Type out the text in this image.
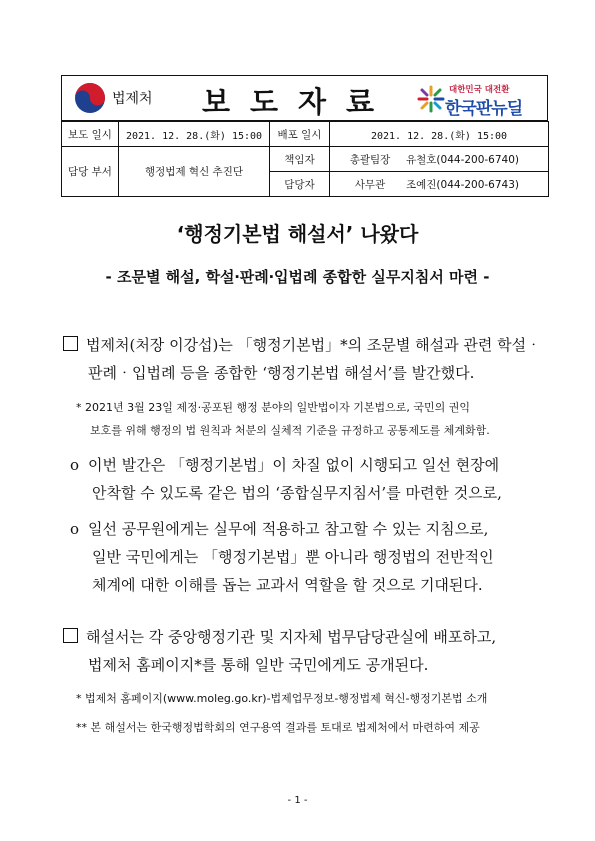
법제처 보도자료	대한민국 대전환
한국판뉴딜
보도 일시	2021. 12. 28.(화) 15:00	배포 일시	2021. 12. 28.(화) 15:00
담당 부서	행정법제 혁신 추진단	책임자	총괄팀장 유철호(044-200-6740)
		담당자	사무관 조예진(044-200-6743)
‘행정기본법 해설서’ 나왔다
- 조문별 해설, 학설‧판례‧입법례 종합한 실무지침서 마련 -
법제처(처장 이강섭)는 「행정기본법」*의 조문별 해설과 관련 학설‧
판례‧입법례 등을 종합한 ‘행정기본법 해설서’를 발간했다.
* 2021년 3월 23일 제정‧공포된 행정 분야의 일반법이자 기본법으로, 국민의 권익
보호를 위해 행정의 법 원칙과 처분의 실체적 기준을 규정하고 공통제도를 체계화함.
o 이번 발간은 「행정기본법」이 차질 없이 시행되고 일선 현장에
안착할 수 있도록 같은 법의 ‘종합실무지침서’를 마련한 것으로,
o 일선 공무원에게는 실무에 적용하고 참고할 수 있는 지침으로,
일반 국민에게는 「행정기본법」뿐 아니라 행정법의 전반적인
체계에 대한 이해를 돕는 교과서 역할을 할 것으로 기대된다.
해설서는 각 중앙행정기관 및 지자체 법무담당관실에 배포하고,
법제처 홈페이지*를 통해 일반 국민에게도 공개된다.
* 법제처 홈페이지(www.moleg.go.kr)-법제업무정보-행정법제 혁신-행정기본법 소개
** 본 해설서는 한국행정법학회의 연구용역 결과를 토대로 법제처에서 마련하여 제공
- 1 -
